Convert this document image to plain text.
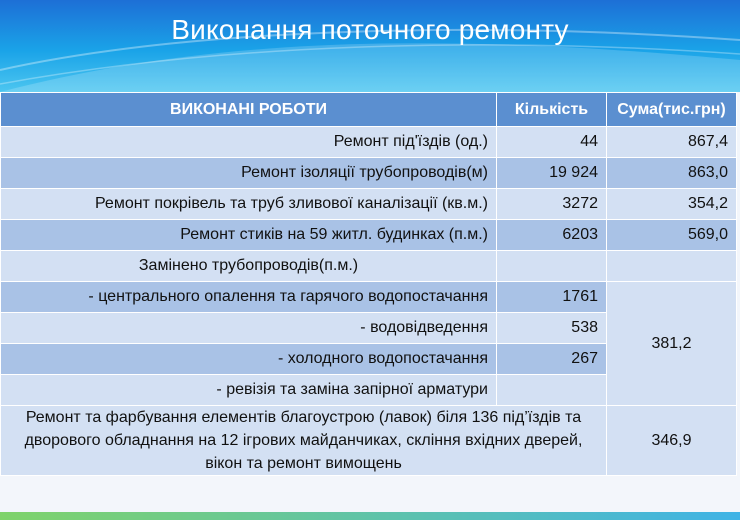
Виконання поточного ремонту
ВИКОНАНІ РОБОТИ	Кількість	Сума(тис.грн)
Ремонт під'їздів (од.)	44	867,4
Ремонт ізоляції трубопроводів(м)	19 924	863,0
Ремонт покрівель та труб зливової каналізації (кв.м.)	3272	354,2
Ремонт стиків на 59 житл. будинках (п.м.)	6203	569,0
Замінено трубопроводів(п.м.)		
- центрального опалення та гарячого водопостачання	1761	381,2
- водовідведення	538	
- холодного водопостачання	267	
- ревізія та заміна запірної арматури		
Ремонт та фарбування елементів благоустрою (лавок) біля 136 під’їздів та дворового обладнання на 12 ігрових майданчиках, скління вхідних дверей, вікон та ремонт вимощень		346,9
